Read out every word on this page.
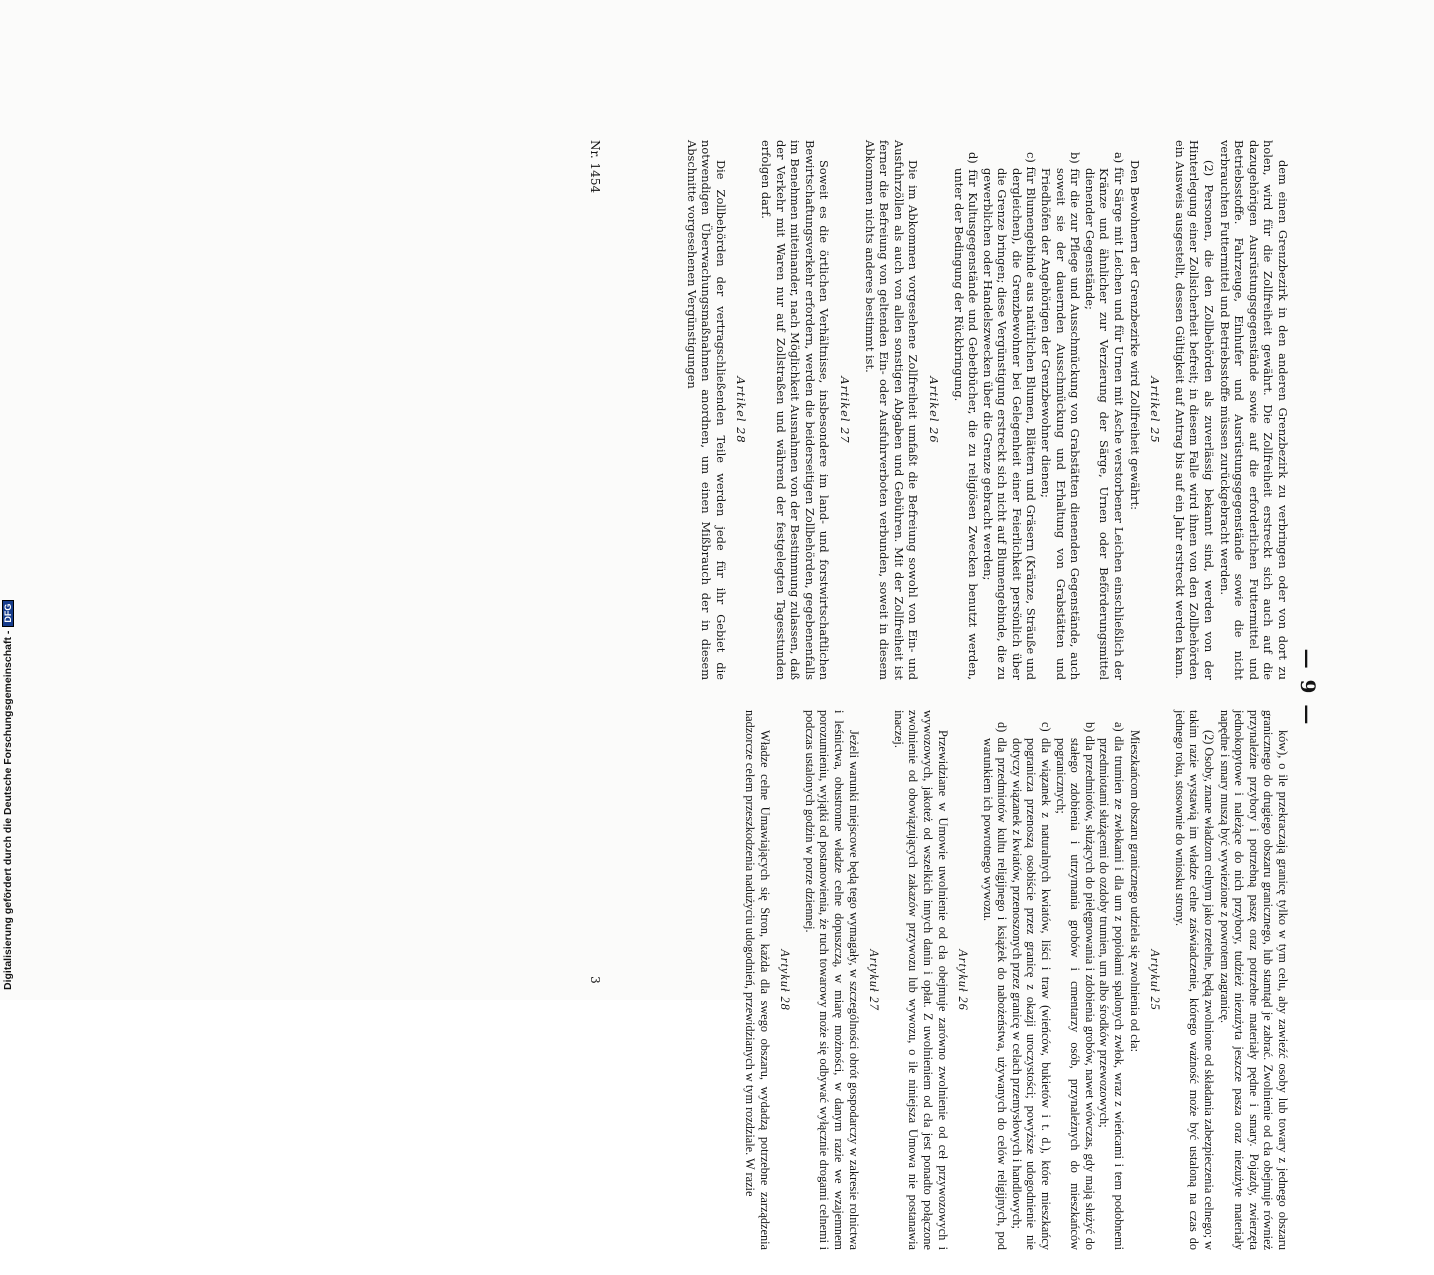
— 9 —

dem einen Grenzbezirk in den anderen Grenzbezirk zu verbringen oder von dort zu holen, wird für die Zollfreiheit gewährt. Die Zollfreiheit erstreckt sich auch auf die dazugehörigen Ausrüstungsgegenstände sowie auf die erforderlichen Futtermittel und Betriebsstoffe. Fahrzeuge, Einhufer und Ausrüstungsgegenstände sowie die nicht verbrauchten Futtermittel und Betriebsstoffe müssen zurückgebracht werden.

(2) Personen, die den Zollbehörden als zuverlässig bekannt sind, werden von der Hinterlegung einer Zollsicherheit befreit; in diesem Falle wird ihnen von den Zollbehörden ein Ausweis ausgestellt, dessen Gültigkeit auf Antrag bis auf ein Jahr erstreckt werden kann.

Artikel 25

Den Bewohnern der Grenzbezirke wird Zollfreiheit gewährt:

a) für Särge mit Leichen und für Urnen mit Asche verstorbener Leichen einschließlich der Kränze und ähnlicher zur Verzierung der Särge, Urnen oder Beförderungsmittel dienender Gegenstände;
b) für die zur Pflege und Ausschmückung von Grabstätten dienenden Gegenstände, auch soweit sie der dauernden Ausschmückung und Erhaltung von Grabstätten und Friedhöfen der Angehörigen der Grenzbewohner dienen;
c) für Blumengebinde aus natürlichen Blumen, Blättern und Gräsern (Kränze, Sträuße und dergleichen), die Grenzbewohner bei Gelegenheit einer Feierlichkeit persönlich über die Grenze bringen; diese Vergünstigung erstreckt sich nicht auf Blumengebinde, die zu gewerblichen oder Handelszwecken über die Grenze gebracht werden;
d) für Kultusgegenstände und Gebetbücher, die zu religiösen Zwecken benutzt werden, unter der Bedingung der Rückbringung.

Artikel 26

Die im Abkommen vorgesehene Zollfreiheit umfaßt die Befreiung sowohl von Ein- und Ausfuhrzöllen als auch von allen sonstigen Abgaben und Gebühren. Mit der Zollfreiheit ist ferner die Befreiung von geltenden Ein- oder Ausfuhrverboten verbunden, soweit in diesem Abkommen nichts anderes bestimmt ist.

Artikel 27

Soweit es die örtlichen Verhältnisse, insbesondere im land- und forstwirtschaftlichen Bewirtschaftungsverkehr erfordern, werden die beiderseitigen Zollbehörden, gegebenenfalls im Benehmen miteinander, nach Möglichkeit Ausnahmen von der Bestimmung zulassen, daß der Verkehr mit Waren nur auf Zollstraßen und während der festgelegten Tagesstunden erfolgen darf.

Artikel 28

Die Zollbehörden der vertragschließenden Teile werden jede für ihr Gebiet die notwendigen Überwachungsmaßnahmen anordnen, um einen Mißbrauch der in diesem Abschnitte vorgesehenen Vergünstigungen

Nr. 1454

ków), o ile przekraczają granicę tylko w tym celu, aby zawieźć osoby lub towary z jednego obszaru granicznego do drugiego obszaru granicznego, lub stamtąd je zabrać. Zwolnienie od cła obejmuje również przynależne przybory i potrzebną paszę oraz potrzebne materiały pędne i smary. Pojazdy, zwierzęta jednokopytowe i należące do nich przybory, tudzież niezużyta jeszcze pasza oraz niezużyte materiały napędne i smary muszą być wywiezione z powrotem zagranicę.

(2) Osoby, znane władzom celnym jako rzetelne, będą zwolnione od składania zabezpieczenia celnego; w takim razie wystawią im władze celne zaświadczenie, którego ważność może być ustaloną na czas do jednego roku, stosownie do wniosku strony.

Artykuł 25

Mieszkańcom obszaru granicznego udziela się zwolnienia od cła:

a) dla trumien ze zwłokami i dla urn z popiołami spalonych zwłok, wraz z wieńcami i tem podobnemi przedmiotami służącemi do ozdoby trumien, urn albo środków przewozowych;
b) dla przedmiotów, służących do pielęgnowania i zdobienia grobów, nawet wówczas, gdy mają służyć do stałego zdobienia i utrzymania grobów i cmentarzy osób, przynależnych do mieszkańców pogranicznych;
c) dla wiązanek z naturalnych kwiatów, liści i traw (wieńców, bukietów i t. d.), które mieszkańcy pogranicza przenoszą osobiście przez granicę z okazji uroczystości; powyższe udogodnienie nie dotyczy wiązanek z kwiatów, przenoszonych przez granicę w celach przemysłowych i handlowych;
d) dla przedmiotów kultu religijnego i książek do nabożeństwa, używanych do celów religijnych, pod warunkiem ich powrotnego wywozu.

Artykuł 26

Przewidziane w Umowie uwolnienie od cła obejmuje zarówno zwolnienie od ceł przywozowych i wywozowych, jakoteż od wszelkich innych danin i opłat. Z uwolnieniem od cła jest ponadto połączone zwolnienie od obowiązujących zakazów przywozu lub wywozu, o ile niniejsza Umowa nie postanawia inaczej.

Artykuł 27

Jeżeli warunki miejscowe będą tego wymagały, w szczególności obrót gospodarczy w zakresie rolnictwa i leśnictwa, obustronne władze celne dopuszczą, w miarę możności, w danym razie we wzajemnem porozumieniu, wyjątki od postanowienia, że ruch towarowy może się odbywać wyłącznie drogami celnemi i podczas ustalonych godzin w porze dziennej.

Artykuł 28

Władze celne Umawiających się Stron, każda dla swego obszaru, wydadzą potrzebne zarządzenia nadzorcze celem przeszkodzenia nadużyciu udogodnień, przewidzianych w tym rozdziale. W razie

3
Digitalisierung gefördert durch die Deutsche Forschungsgemeinschaft -DFG
